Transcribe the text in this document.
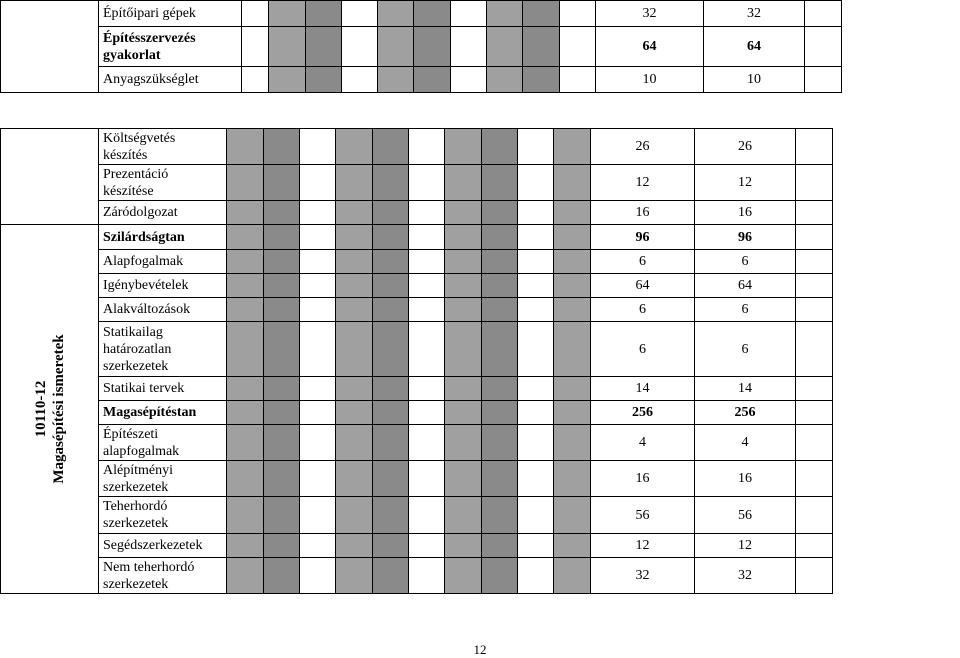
	Építőipari gépek											32	32	
	Építésszervezés gyakorlat											64	64	
	Anyagszükséglet											10	10	
	Költségvetés készítés											26	26	
	Prezentáció készítése											12	12	
	Záródolgozat											16	16	

10110-12 Magasépítési ismeretek	Szilárdságtan											96	96	
	Alapfogalmak											6	6	
	Igénybevételek											64	64	
	Alakváltozások											6	6	
	Statikailag határozatlan szerkezetek											6	6	
	Statikai tervek											14	14	
	Magasépítéstan											256	256	
	Építészeti alapfogalmak											4	4	
	Alépítményi szerkezetek											16	16	
	Teherhordó szerkezetek											56	56	
	Segédszerkezetek											12	12	
	Nem teherhordó szerkezetek											32	32	
12
